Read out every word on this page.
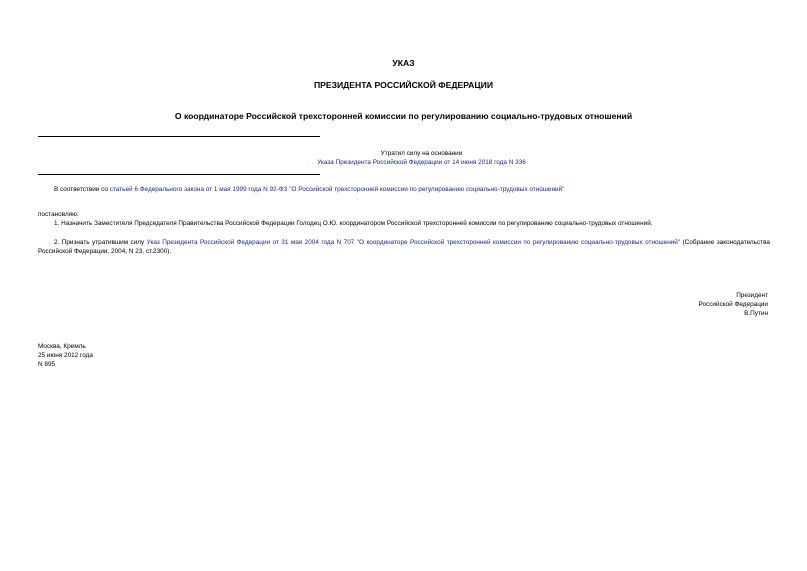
УКАЗ
ПРЕЗИДЕНТА РОССИЙСКОЙ ФЕДЕРАЦИИ
О координаторе Российской трехсторонней комиссии по регулированию социально-трудовых отношений
Утратил силу на основании
Указа Президента Российской Федерации от 14 июня 2018 года N 336
В соответствии со статьей 6 Федерального закона от 1 мая 1999 года N 92-ФЗ "О Российской трехсторонней комиссии по регулированию социально-трудовых отношений"
постановляю:
1. Назначить Заместителя Председателя Правительства Российской Федерации Голодец О.Ю. координатором Российской трехсторонней комиссии по регулированию социально-трудовых отношений.
2. Признать утратившим силу Указ Президента Российской Федерации от 31 мая 2004 года N 707 "О координаторе Российской трехсторонней комиссии по регулированию социально-трудовых отношений" (Собрание законодательства Российской Федерации, 2004, N 23, ст.2300).
Президент
Российской Федерации
В.Путин
Москва, Кремль
25 июня 2012 года
N 895
